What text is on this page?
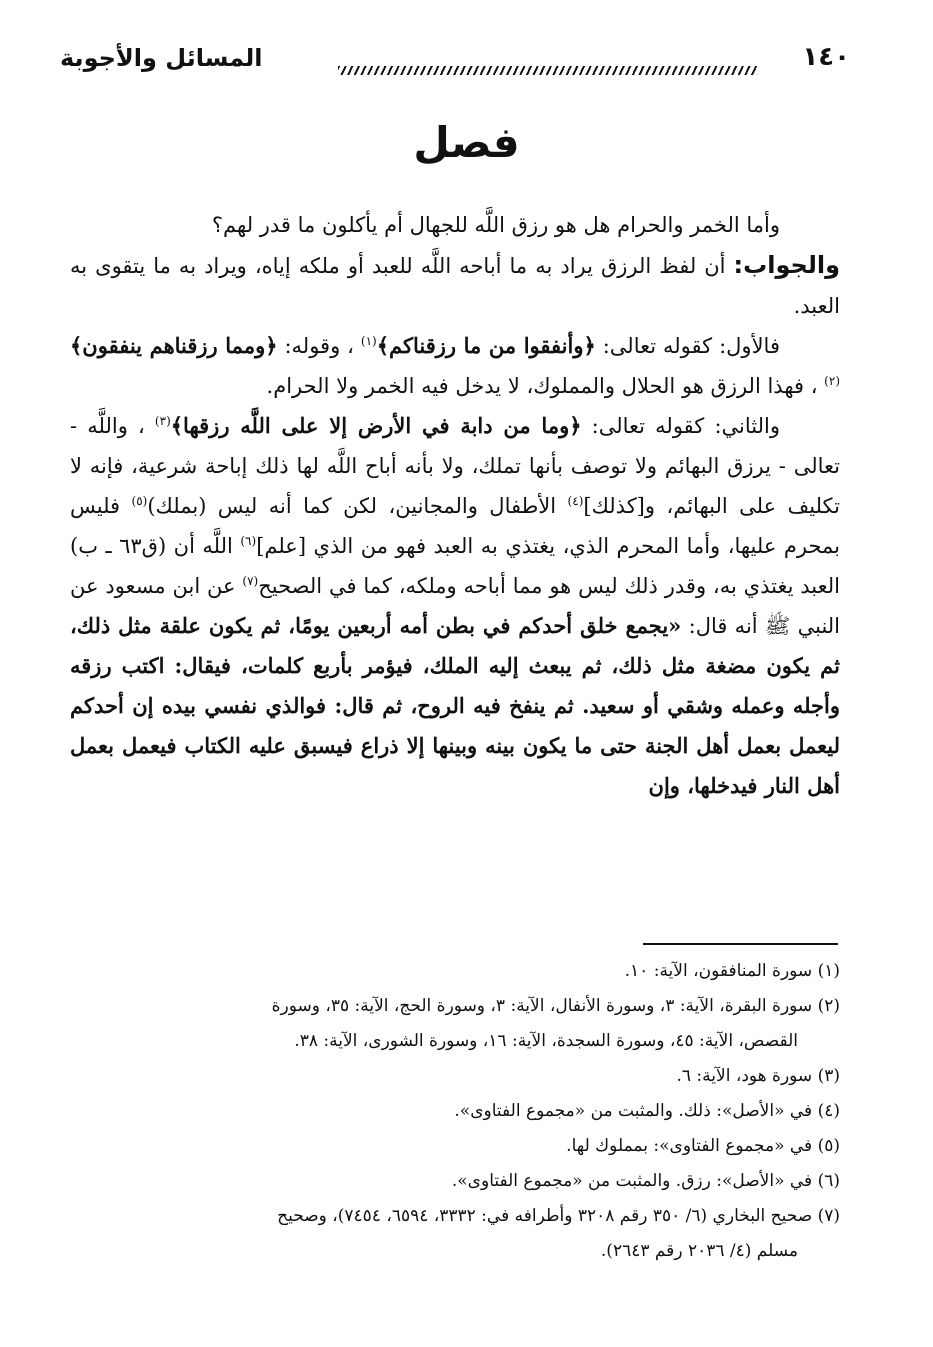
المسائل والأجوبة	١٤٠
فصل

وأما الخمر والحرام هل هو رزق اللَّه للجهال أم يأكلون ما قدر لهم؟

والجواب: أن لفظ الرزق يراد به ما أباحه اللَّه للعبد أو ملكه إياه، ويراد به ما يتقوى به العبد.

فالأول: كقوله تعالى: ﴿وأنفقوا من ما رزقناكم﴾$^{(١)}$ ، وقوله: ﴿ومما رزقناهم ينفقون﴾$^{(٢)}$ ، فهذا الرزق هو الحلال والمملوك، لا يدخل فيه الخمر ولا الحرام.

والثاني: كقوله تعالى: ﴿وما من دابة في الأرض إلا على اللَّه رزقها﴾$^{(٣)}$ ، واللَّه - تعالى - يرزق البهائم ولا توصف بأنها تملك، ولا بأنه أباح اللَّه لها ذلك إباحة شرعية، فإنه لا تكليف على البهائم، و[كذلك]$^{(٤)}$ الأطفال والمجانين، لكن كما أنه ليس (بملك)$^{(٥)}$ فليس بمحرم عليها، وأما المحرم الذي، يغتذي به العبد فهو من الذي [علم]$^{(٦)}$ اللَّه أن (ق٦٣ ـ ب) العبد يغتذي به، وقدر ذلك ليس هو مما أباحه وملكه، كما في الصحيح$^{(٧)}$ عن ابن مسعود عن النبي ﷺ أنه قال: «يجمع خلق أحدكم في بطن أمه أربعين يومًا، ثم يكون علقة مثل ذلك، ثم يكون مضغة مثل ذلك، ثم يبعث إليه الملك، فيؤمر بأربع كلمات، فيقال: اكتب رزقه وأجله وعمله وشقي أو سعيد. ثم ينفخ فيه الروح، ثم قال: فوالذي نفسي بيده إن أحدكم ليعمل بعمل أهل الجنة حتى ما يكون بينه وبينها إلا ذراع فيسبق عليه الكتاب فيعمل بعمل أهل النار فيدخلها، وإن

(١) سورة المنافقون، الآية: ١٠.

(٢) سورة البقرة، الآية: ٣، وسورة الأنفال، الآية: ٣، وسورة الحج، الآية: ٣٥، وسورة

القصص، الآية: ٤٥، وسورة السجدة، الآية: ١٦، وسورة الشورى، الآية: ٣٨.

(٣) سورة هود، الآية: ٦.

(٤) في «الأصل»: ذلك. والمثبت من «مجموع الفتاوى».

(٥) في «مجموع الفتاوى»: بمملوك لها.

(٦) في «الأصل»: رزق. والمثبت من «مجموع الفتاوى».

(٧) صحيح البخاري (٦/ ٣٥٠ رقم ٣٢٠٨ وأطرافه في: ٣٣٣٢، ٦٥٩٤، ٧٤٥٤)، وصحيح

مسلم (٤/ ٢٠٣٦ رقم ٢٦٤٣).
